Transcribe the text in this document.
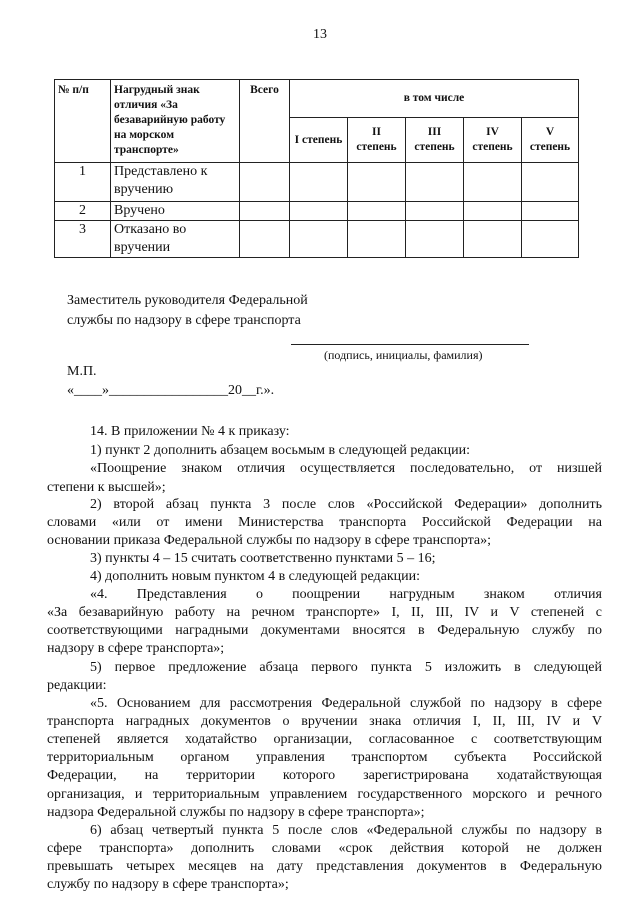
13
№ п/п	Нагрудный знак отличия «За безаварийную работу на морском транспорте»	Всего	в том числе				
			I степень	II степень	III степень	IV степень	V степень
1	Представлено к вручению						
2	Вручено						
3	Отказано во вручении						
Заместитель руководителя Федеральной
службы по надзору в сфере транспорта
(подпись, инициалы, фамилия)
М.П.
«____»_________________20__г.».
14. В приложении № 4 к приказу:
1) пункт 2 дополнить абзацем восьмым в следующей редакции:
«Поощрение знаком отличия осуществляется последовательно, от низшей
степени к высшей»;
2) второй абзац пункта 3 после слов «Российской Федерации» дополнить
словами «или от имени Министерства транспорта Российской Федерации на
основании приказа Федеральной службы по надзору в сфере транспорта»;
3) пункты 4 – 15 считать соответственно пунктами 5 – 16;
4) дополнить новым пунктом 4 в следующей редакции:
«4. Представления о поощрении нагрудным знаком отличия
«За безаварийную работу на речном транспорте» I, II, III, IV и V степеней с
соответствующими наградными документами вносятся в Федеральную службу по
надзору в сфере транспорта»;
5) первое предложение абзаца первого пункта 5 изложить в следующей
редакции:
«5. Основанием для рассмотрения Федеральной службой по надзору в сфере
транспорта наградных документов о вручении знака отличия I, II, III, IV и V
степеней является ходатайство организации, согласованное с соответствующим
территориальным органом управления транспортом субъекта Российской
Федерации, на территории которого зарегистрирована ходатайствующая
организация, и территориальным управлением государственного морского и речного
надзора Федеральной службы по надзору в сфере транспорта»;
6) абзац четвертый пункта 5 после слов «Федеральной службы по надзору в
сфере транспорта» дополнить словами «срок действия которой не должен
превышать четырех месяцев на дату представления документов в Федеральную
службу по надзору в сфере транспорта»;
